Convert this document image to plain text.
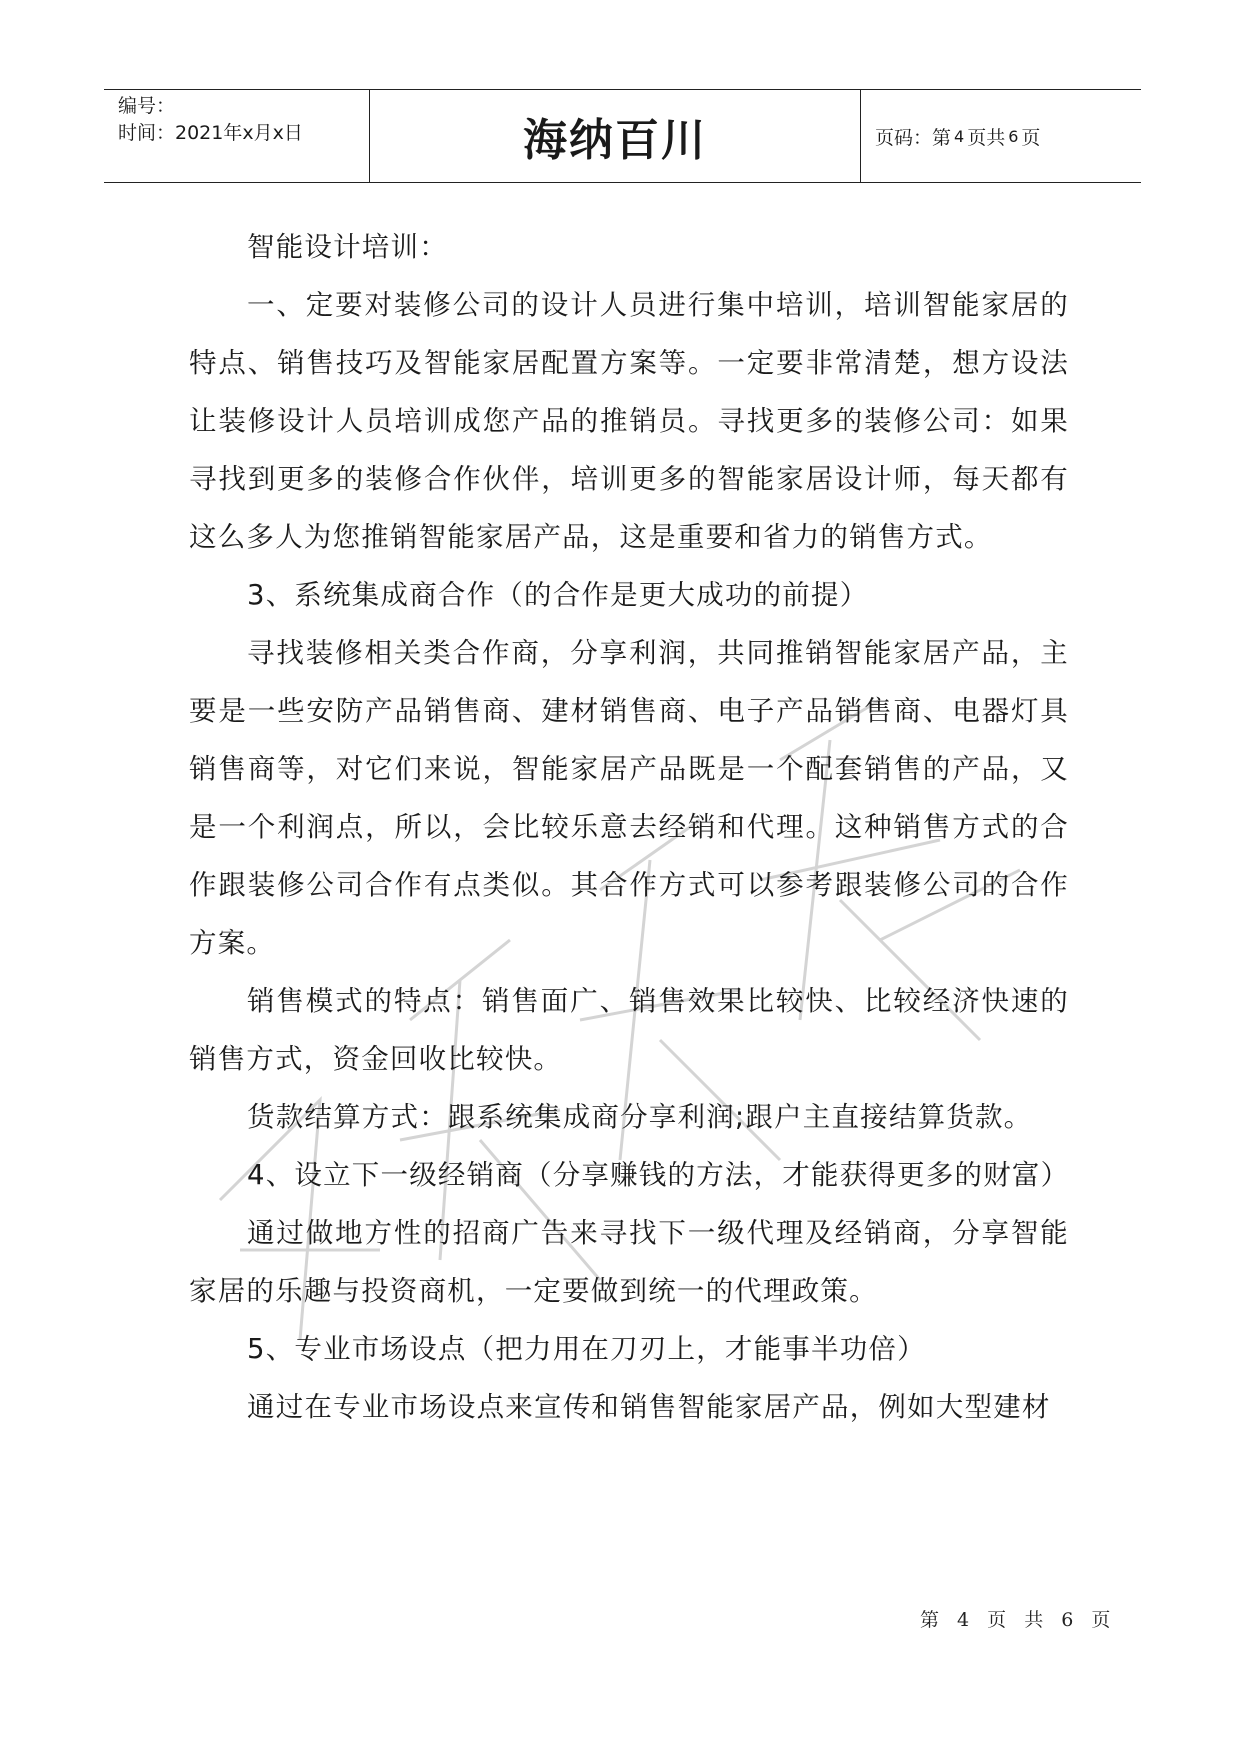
编号：
时间：2021年x月x日	海纳百川	页码：第 4 页共 6 页

智能设计培训：

一、定要对装修公司的设计人员进行集中培训，培训智能家居的特点、销售技巧及智能家居配置方案等。一定要非常清楚，想方设法让装修设计人员培训成您产品的推销员。寻找更多的装修公司：如果寻找到更多的装修合作伙伴，培训更多的智能家居设计师，每天都有这么多人为您推销智能家居产品，这是重要和省力的销售方式。

3、系统集成商合作（的合作是更大成功的前提）

寻找装修相关类合作商，分享利润，共同推销智能家居产品，主要是一些安防产品销售商、建材销售商、电子产品销售商、电器灯具销售商等，对它们来说，智能家居产品既是一个配套销售的产品，又是一个利润点，所以，会比较乐意去经销和代理。这种销售方式的合作跟装修公司合作有点类似。其合作方式可以参考跟装修公司的合作方案。

销售模式的特点：销售面广、销售效果比较快、比较经济快速的销售方式，资金回收比较快。

货款结算方式：跟系统集成商分享利润;跟户主直接结算货款。

4、设立下一级经销商（分享赚钱的方法，才能获得更多的财富）

通过做地方性的招商广告来寻找下一级代理及经销商，分享智能家居的乐趣与投资商机，一定要做到统一的代理政策。

5、专业市场设点（把力用在刀刃上，才能事半功倍）

通过在专业市场设点来宣传和销售智能家居产品，例如大型建材

第 4 页 共 6 页
